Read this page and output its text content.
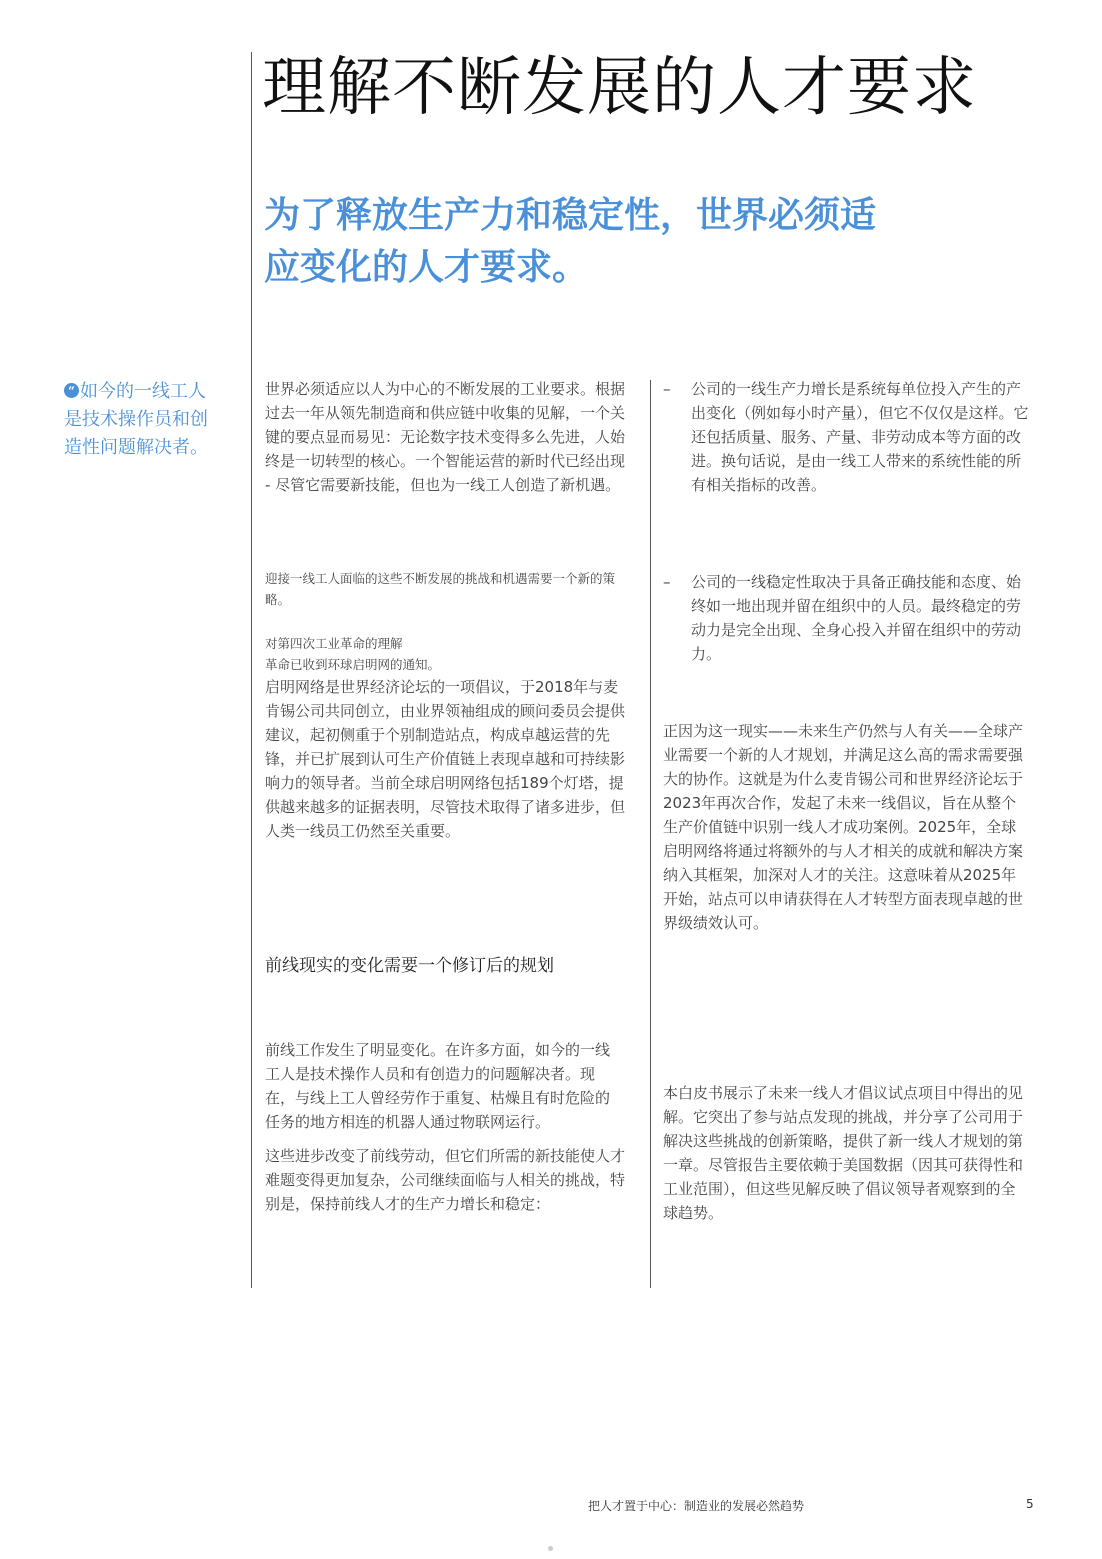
理解不断发展的人才要求
为了释放生产力和稳定性，世界必须适应变化的人才要求。

“ 如今的一线工人是技术操作员和创造性问题解决者。

世界必须适应以人为中心的不断发展的工业要求。根据过去一年从领先制造商和供应链中收集的见解，一个关键的要点显而易见：无论数字技术变得多么先进，人始终是一切转型的核心。一个智能运营的新时代已经出现 - 尽管它需要新技能，但也为一线工人创造了新机遇。

迎接一线工人面临的这些不断发展的挑战和机遇需要一个新的策略。

对第四次工业革命的理解

革命已收到环球启明网的通知。

启明网络是世界经济论坛的一项倡议，于2018年与麦肯锡公司共同创立，由业界领袖组成的顾问委员会提供建议，起初侧重于个别制造站点，构成卓越运营的先锋，并已扩展到认可生产价值链上表现卓越和可持续影响力的领导者。当前全球启明网络包括189个灯塔，提供越来越多的证据表明，尽管技术取得了诸多进步，但人类一线员工仍然至关重要。

前线现实的变化需要一个修订后的规划

前线工作发生了明显变化。在许多方面，如今的一线工人是技术操作人员和有创造力的问题解决者。现在，与线上工人曾经劳作于重复、枯燥且有时危险的任务的地方相连的机器人通过物联网运行。

这些进步改变了前线劳动，但它们所需的新技能使人才难题变得更加复杂，公司继续面临与人相关的挑战，特别是，保持前线人才的生产力增长和稳定：

–	公司的一线生产力增长是系统每单位投入产生的产出变化（例如每小时产量），但它不仅仅是这样。它还包括质量、服务、产量、非劳动成本等方面的改进。换句话说，是由一线工人带来的系统性能的所有相关指标的改善。

–	公司的一线稳定性取决于具备正确技能和态度、始终如一地出现并留在组织中的人员。最终稳定的劳动力是完全出现、全身心投入并留在组织中的劳动力。

正因为这一现实——未来生产仍然与人有关——全球产业需要一个新的人才规划，并满足这么高的需求需要强大的协作。这就是为什么麦肯锡公司和世界经济论坛于2023年再次合作，发起了未来一线倡议，旨在从整个生产价值链中识别一线人才成功案例。2025年，全球启明网络将通过将额外的与人才相关的成就和解决方案纳入其框架，加深对人才的关注。这意味着从2025年开始，站点可以申请获得在人才转型方面表现卓越的世界级绩效认可。

本白皮书展示了未来一线人才倡议试点项目中得出的见解。它突出了参与站点发现的挑战，并分享了公司用于解决这些挑战的创新策略，提供了新一线人才规划的第一章。尽管报告主要依赖于美国数据（因其可获得性和工业范围），但这些见解反映了倡议领导者观察到的全球趋势。

把人才置于中心：制造业的发展必然趋势	5
